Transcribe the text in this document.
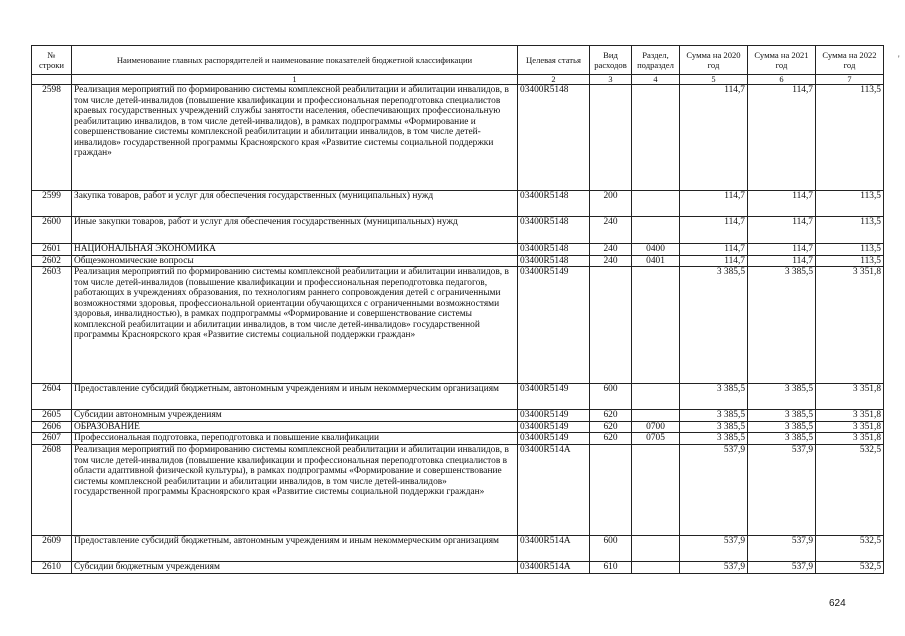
№ строки	Наименование главных распорядителей и наименование показателей бюджетной классификации	Целевая статья	Вид расходов	Раздел, подраздел	Сумма на 2020 год	Сумма на 2021 год	Сумма на 2022 год
	1	2	3	4	5	6	7
2598	Реализация мероприятий по формированию системы комплексной реабилитации и абилитации инвалидов, в том числе детей-инвалидов (повышение квалификации и профессиональная переподготовка специалистов краевых государственных учреждений службы занятости населения, обеспечивающих профессиональную реабилитацию инвалидов, в том числе детей-инвалидов), в рамках подпрограммы «Формирование и совершенствование системы комплексной реабилитации и абилитации инвалидов, в том числе детей-инвалидов» государственной программы Красноярского края «Развитие системы социальной поддержки граждан»	03400R5148			114,7	114,7	113,5
2599	Закупка товаров, работ и услуг для обеспечения государственных (муниципальных) нужд	03400R5148	200		114,7	114,7	113,5
2600	Иные закупки товаров, работ и услуг для обеспечения государственных (муниципальных) нужд	03400R5148	240		114,7	114,7	113,5
2601	НАЦИОНАЛЬНАЯ ЭКОНОМИКА	03400R5148	240	0400	114,7	114,7	113,5
2602	Общеэкономические вопросы	03400R5148	240	0401	114,7	114,7	113,5
2603	Реализация мероприятий по формированию системы комплексной реабилитации и абилитации инвалидов, в том числе детей-инвалидов (повышение квалификации и профессиональная переподготовка педагогов, работающих в учреждениях образования, по технологиям раннего сопровождения детей с ограниченными возможностями здоровья, профессиональной ориентации обучающихся с ограниченными возможностями здоровья, инвалидностью), в рамках подпрограммы «Формирование и совершенствование системы комплексной реабилитации и абилитации инвалидов, в том числе детей-инвалидов» государственной программы Красноярского края «Развитие системы социальной поддержки граждан»	03400R5149			3 385,5	3 385,5	3 351,8
2604	Предоставление субсидий бюджетным, автономным учреждениям и иным некоммерческим организациям	03400R5149	600		3 385,5	3 385,5	3 351,8
2605	Субсидии автономным учреждениям	03400R5149	620		3 385,5	3 385,5	3 351,8
2606	ОБРАЗОВАНИЕ	03400R5149	620	0700	3 385,5	3 385,5	3 351,8
2607	Профессиональная подготовка, переподготовка и повышение квалификации	03400R5149	620	0705	3 385,5	3 385,5	3 351,8
2608	Реализация мероприятий по формированию системы комплексной реабилитации и абилитации инвалидов, в том числе детей-инвалидов (повышение квалификации и профессиональная переподготовка специалистов в области адаптивной физической культуры), в рамках подпрограммы «Формирование и совершенствование системы комплексной реабилитации и абилитации инвалидов, в том числе детей-инвалидов» государственной программы Красноярского края «Развитие системы социальной поддержки граждан»	03400R514A			537,9	537,9	532,5
2609	Предоставление субсидий бюджетным, автономным учреждениям и иным некоммерческим организациям	03400R514A	600		537,9	537,9	532,5
2610	Субсидии бюджетным учреждениям	03400R514A	610		537,9	537,9	532,5
624
'
